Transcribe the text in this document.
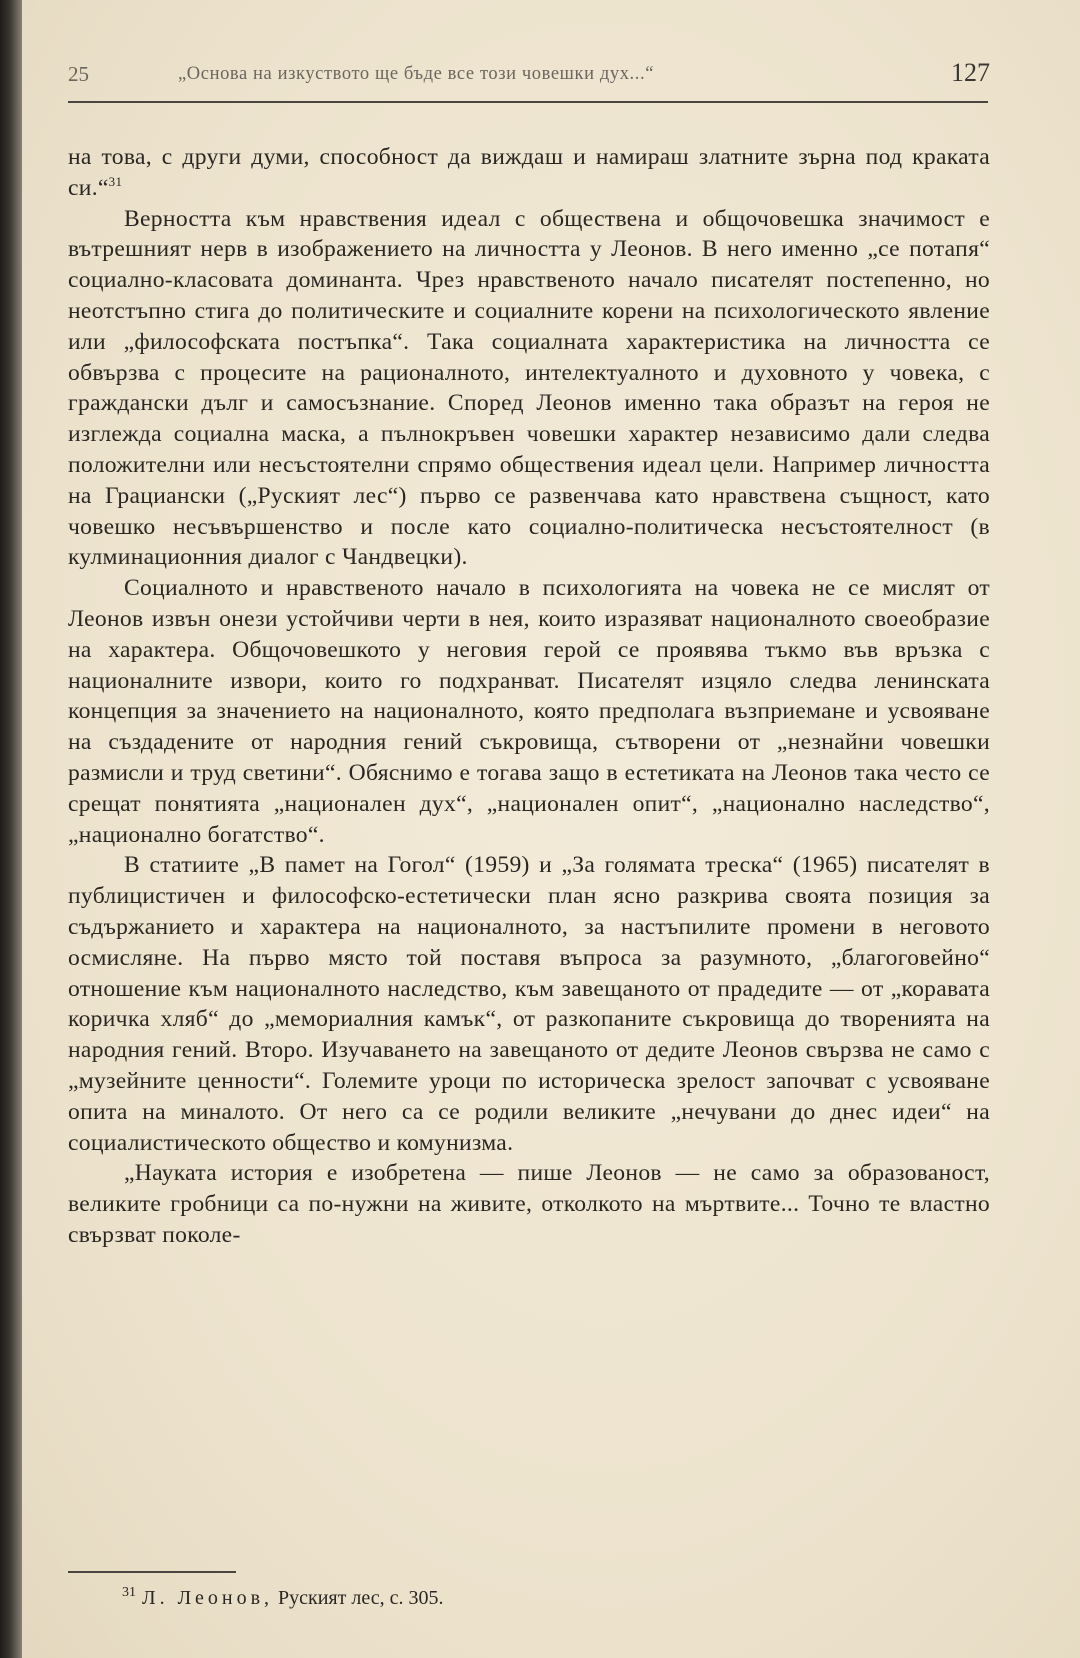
25	„Основа на изкуството ще бъде все този човешки дух...“	127

на това, с други думи, способност да виждаш и намираш златните зърна под краката си.“$^{31}$

Верността към нравствения идеал с обществена и общочовешка значимост е вътрешният нерв в изображението на личността у Леонов. В него именно „се потапя“ социално-класовата доминанта. Чрез нравственото начало писателят постепенно, но неотстъпно стига до политическите и социалните корени на психологическото явление или „философската постъпка“. Така социалната характеристика на личността се обвързва с процесите на рационалното, интелектуалното и духовното у човека, с граждански дълг и самосъзнание. Според Леонов именно така образът на героя не изглежда социална маска, а пълнокръвен човешки характер независимо дали следва положителни или несъстоятелни спрямо обществения идеал цели. Например личността на Грациански („Руският лес“) първо се развенчава като нравствена същност, като човешко несъвършенство и после като социално-политическа несъстоятелност (в кулминационния диалог с Чандвецки).

Социалното и нравственото начало в психологията на човека не се мислят от Леонов извън онези устойчиви черти в нея, които изразяват националното своеобразие на характера. Общочовешкото у неговия герой се проявява тъкмо във връзка с националните извори, които го подхранват. Писателят изцяло следва ленинската концепция за значението на националното, която предполага възприемане и усвояване на създадените от народния гений съкровища, сътворени от „незнайни човешки размисли и труд светини“. Обяснимо е тогава защо в естетиката на Леонов така често се срещат понятията „национален дух“, „национален опит“, „национално наследство“, „национално богатство“.

В статиите „В памет на Гогол“ (1959) и „За голямата треска“ (1965) писателят в публицистичен и философско-естетически план ясно разкрива своята позиция за съдържанието и характера на националното, за настъпилите промени в неговото осмисляне. На първо място той поставя въпроса за разумното, „благоговейно“ отношение към националното наследство, към завещаното от прадедите — от „коравата коричка хляб“ до „мемориалния камък“, от разкопаните съкровища до творенията на народния гений. Второ. Изучаването на завещаното от дедите Леонов свързва не само с „музейните ценности“. Големите уроци по историческа зрелост започват с усвояване опита на миналото. От него са се родили великите „нечувани до днес идеи“ на социалистическото общество и комунизма.

„Науката история е изобретена — пише Леонов — не само за образованост, великите гробници са по-нужни на живите, отколкото на мъртвите... Точно те властно свързват поколе-

$^{31}$ Л. Леонов, Руският лес, с. 305.
